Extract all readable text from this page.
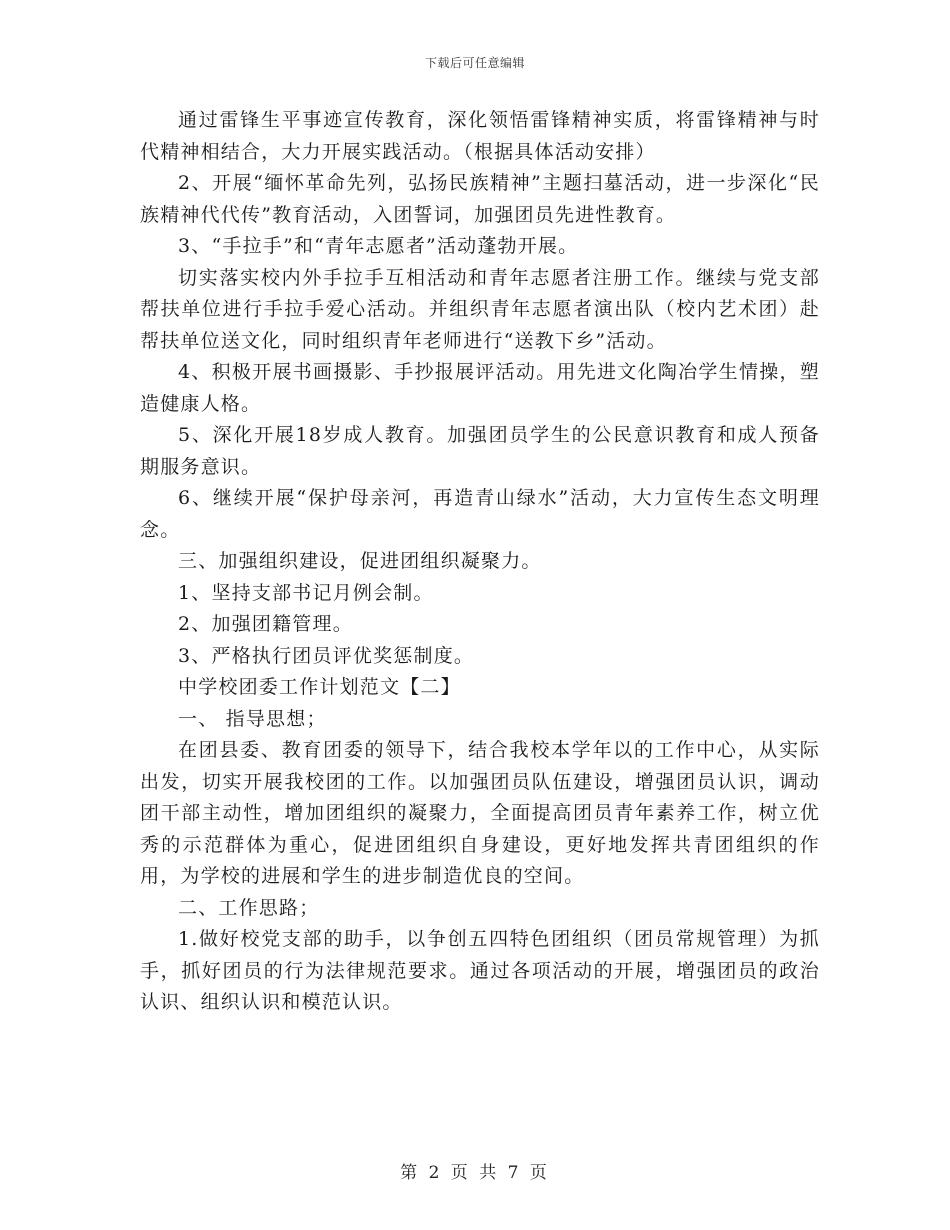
下载后可任意编辑

通过雷锋生平事迹宣传教育，深化领悟雷锋精神实质，将雷锋精神与时代精神相结合，大力开展实践活动。（根据具体活动安排）

2、开展“缅怀革命先列，弘扬民族精神”主题扫墓活动，进一步深化“民族精神代代传”教育活动，入团誓词，加强团员先进性教育。

3、“手拉手”和“青年志愿者”活动蓬勃开展。

切实落实校内外手拉手互相活动和青年志愿者注册工作。继续与党支部帮扶单位进行手拉手爱心活动。并组织青年志愿者演出队（校内艺术团）赴帮扶单位送文化，同时组织青年老师进行“送教下乡”活动。

4、积极开展书画摄影、手抄报展评活动。用先进文化陶冶学生情操，塑造健康人格。

5、深化开展18岁成人教育。加强团员学生的公民意识教育和成人预备期服务意识。

6、继续开展“保护母亲河，再造青山绿水”活动，大力宣传生态文明理念。

三、加强组织建设，促进团组织凝聚力。

1、坚持支部书记月例会制。

2、加强团籍管理。

3、严格执行团员评优奖惩制度。

中学校团委工作计划范文【二】

一、 指导思想；

在团县委、教育团委的领导下，结合我校本学年以的工作中心，从实际出发，切实开展我校团的工作。以加强团员队伍建设，增强团员认识，调动团干部主动性，增加团组织的凝聚力，全面提高团员青年素养工作，树立优秀的示范群体为重心，促进团组织自身建设，更好地发挥共青团组织的作用，为学校的进展和学生的进步制造优良的空间。

二、工作思路；

1.做好校党支部的助手，以争创五四特色团组织（团员常规管理）为抓手，抓好团员的行为法律规范要求。通过各项活动的开展，增强团员的政治认识、组织认识和模范认识。

第 2 页 共 7 页
